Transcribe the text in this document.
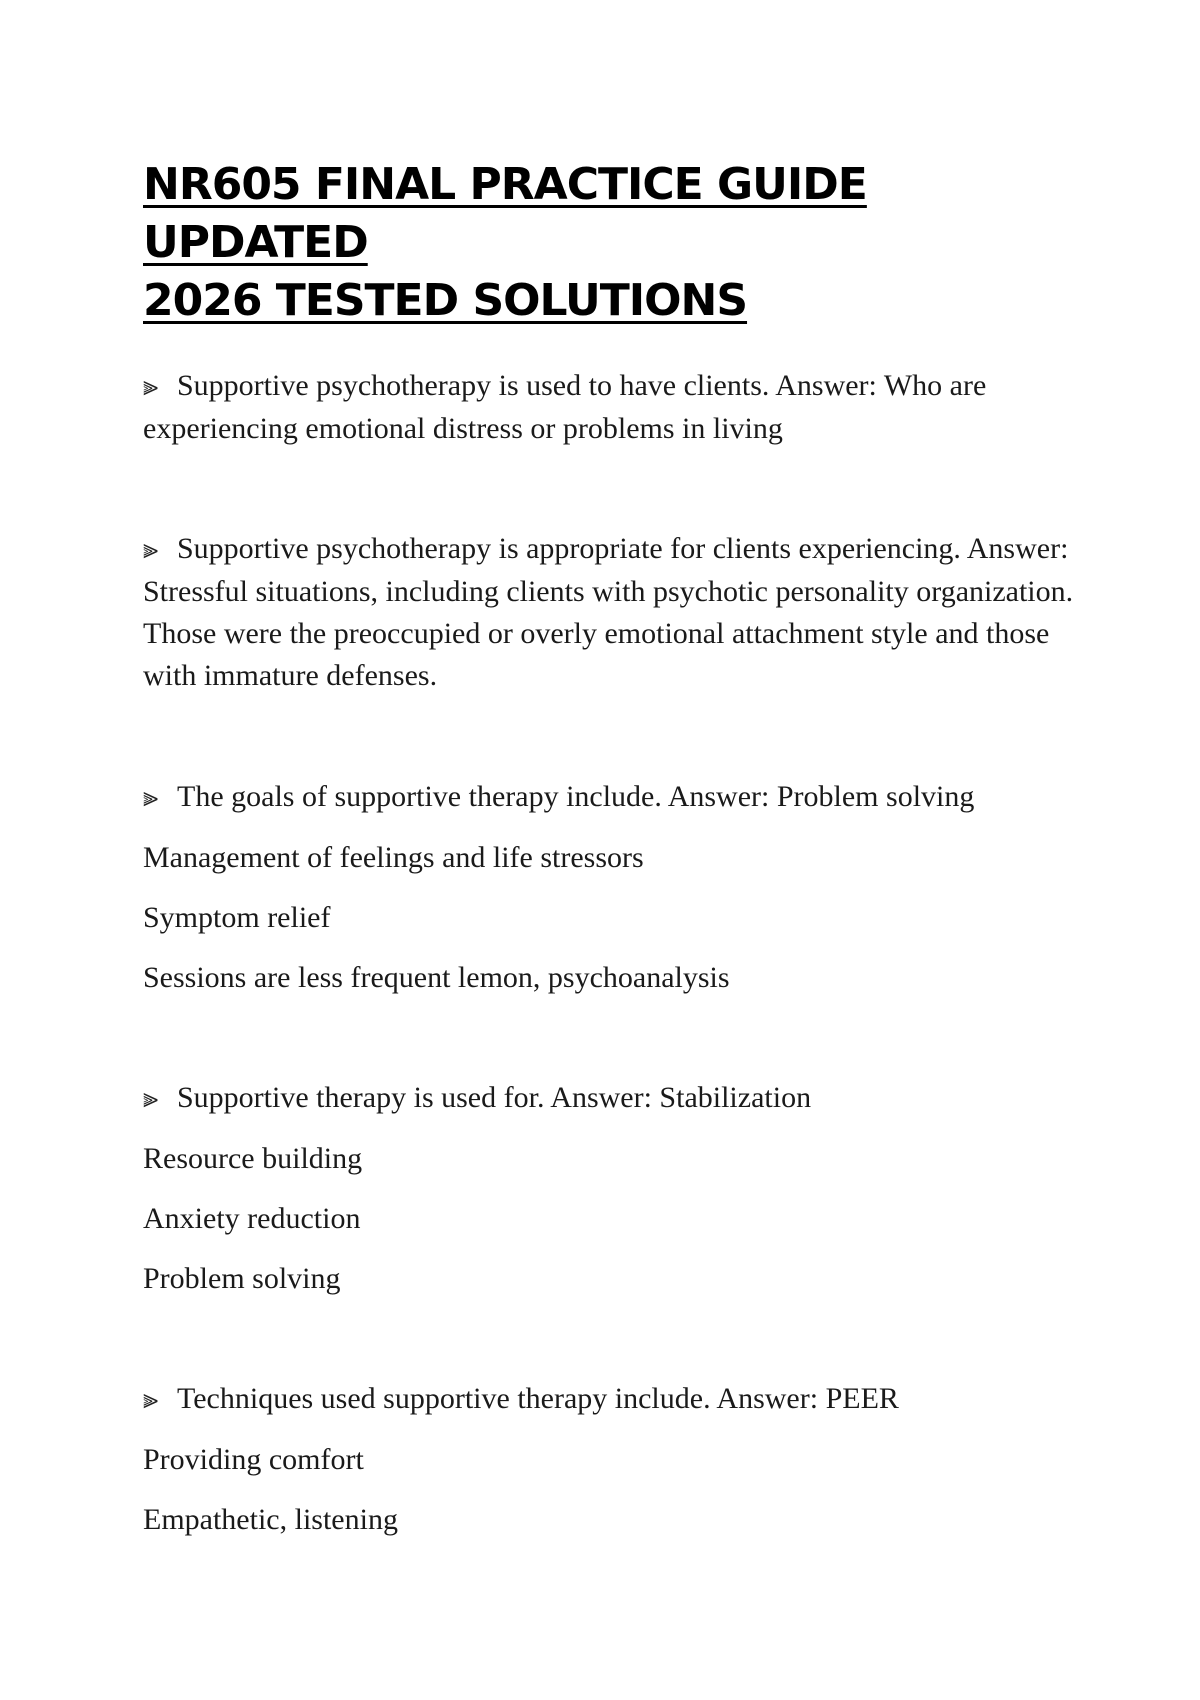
NR605 FINAL PRACTICE GUIDE UPDATED
2026 TESTED SOLUTIONS

⫸ Supportive psychotherapy is used to have clients. Answer: Who are experiencing emotional distress or problems in living

⫸ Supportive psychotherapy is appropriate for clients experiencing. Answer: Stressful situations, including clients with psychotic personality organization. Those were the preoccupied or overly emotional attachment style and those with immature defenses.

⫸ The goals of supportive therapy include. Answer: Problem solving

Management of feelings and life stressors

Symptom relief

Sessions are less frequent lemon, psychoanalysis

⫸ Supportive therapy is used for. Answer: Stabilization

Resource building

Anxiety reduction

Problem solving

⫸ Techniques used supportive therapy include. Answer: PEER

Providing comfort

Empathetic, listening
